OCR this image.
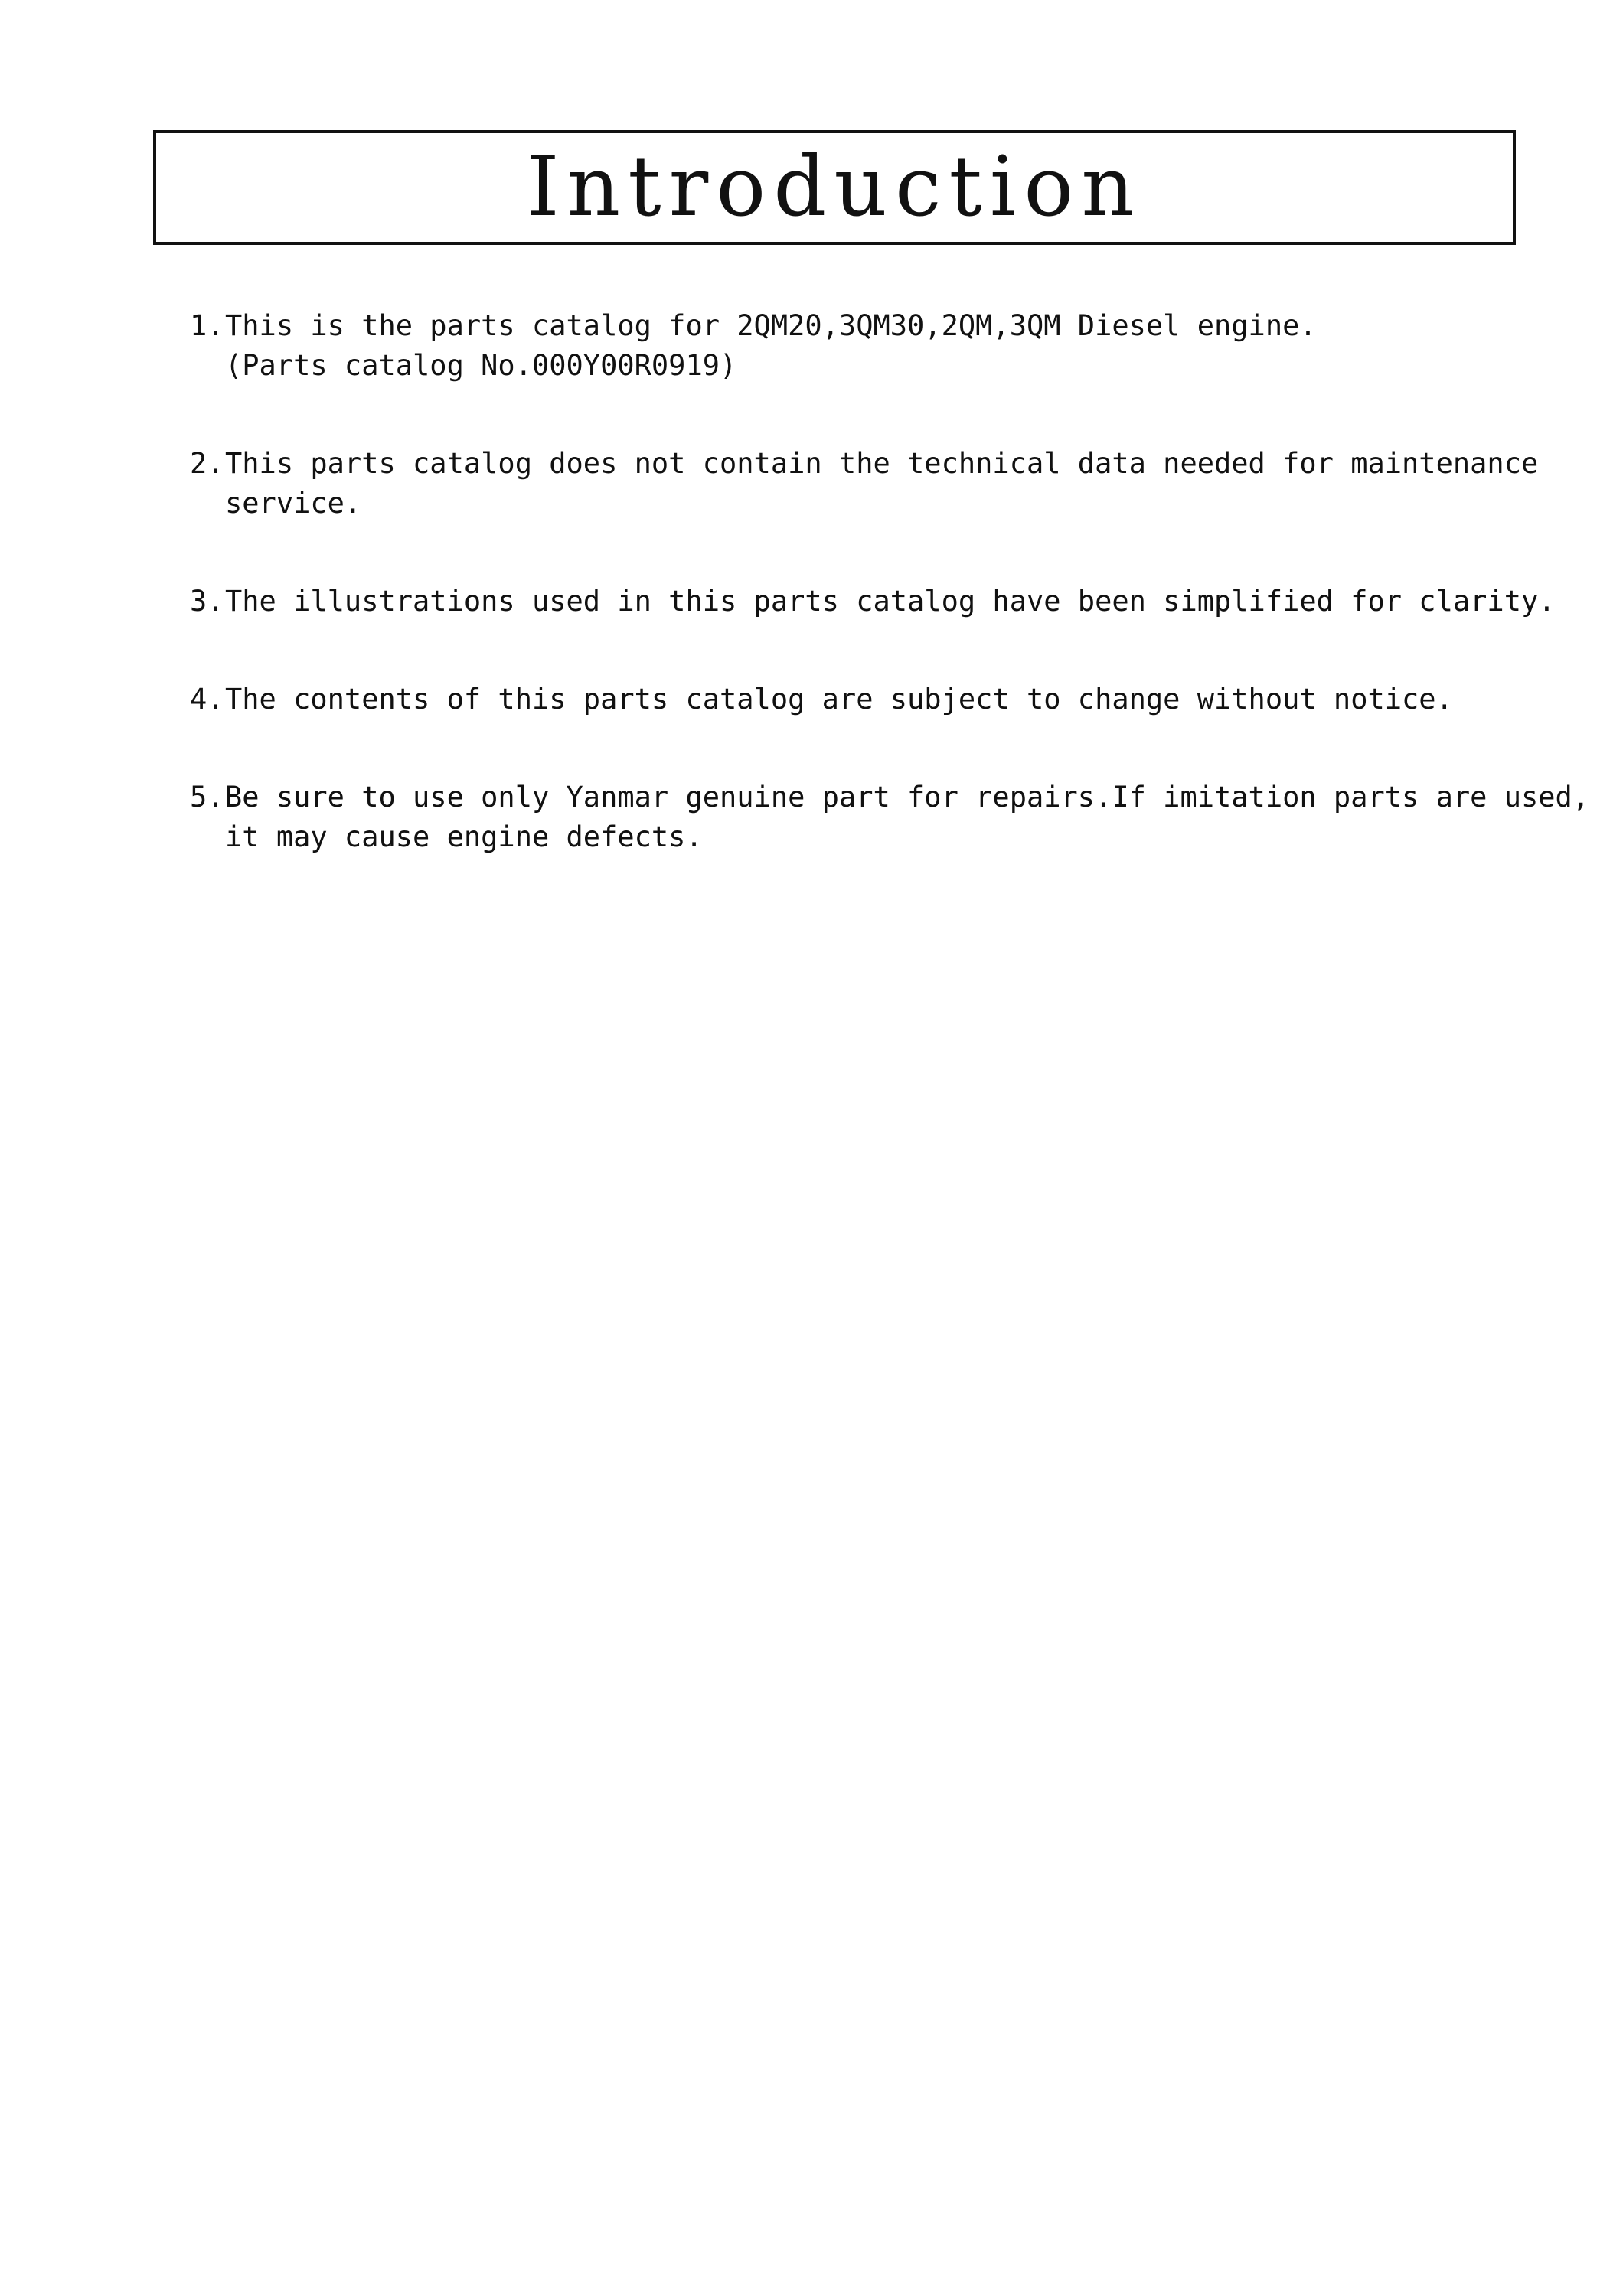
Introduction
1. This is the parts catalog for 2QM20,3QM30,2QM,3QM Diesel engine.
(Parts catalog No.000Y00R0919)
2. This parts catalog does not contain the technical data needed for maintenance
service.
3. The illustrations used in this parts catalog have been simplified for clarity.
4. The contents of this parts catalog are subject to change without notice.
5. Be sure to use only Yanmar genuine part for repairs.If imitation parts are used,
it may cause engine defects.
